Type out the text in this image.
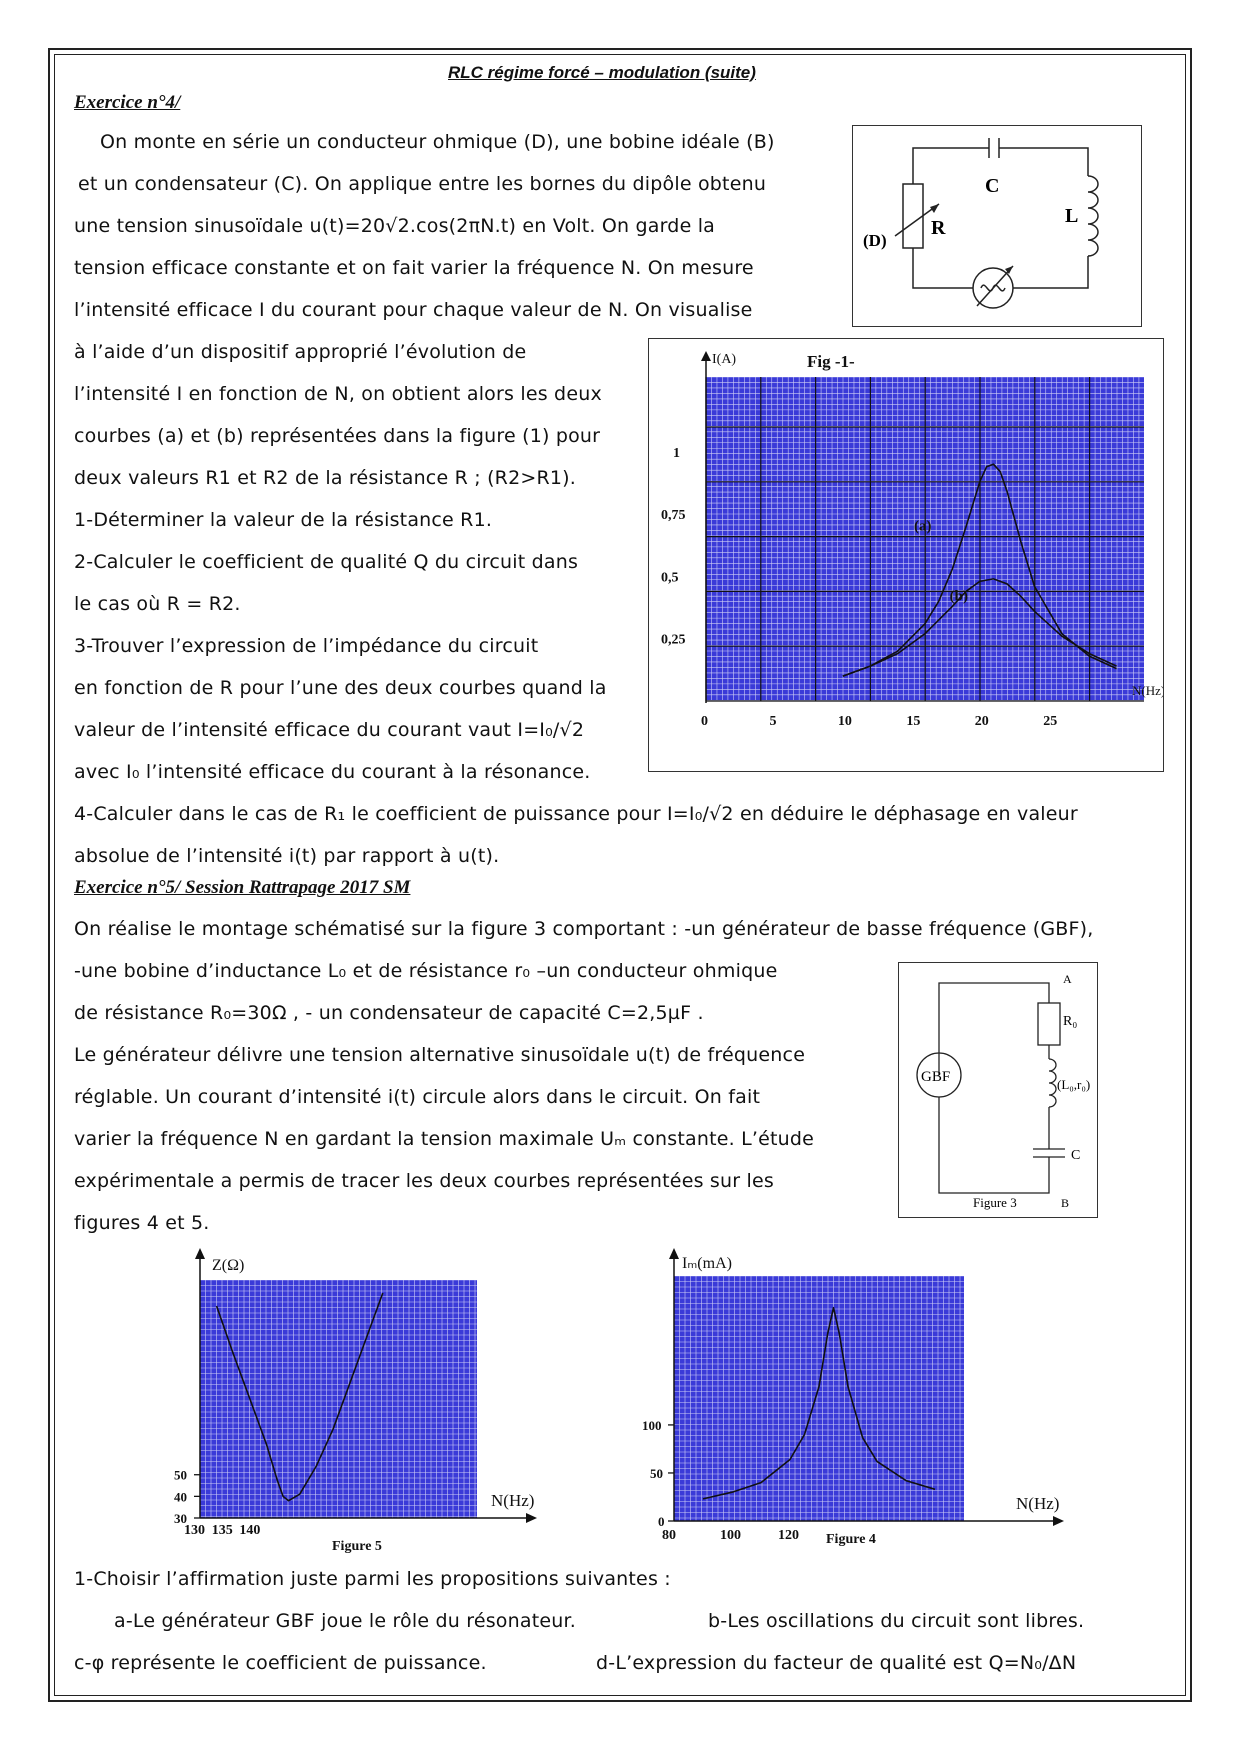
RLC régime forcé – modulation (suite)
Exercice n°4/
On monte en série un conducteur ohmique (D), une bobine idéale (B)
et un condensateur (C). On applique entre les bornes du dipôle obtenu
une tension sinusoïdale u(t)=20√2.cos(2πN.t) en Volt. On garde la
tension efficace constante et on fait varier la fréquence N. On mesure
l’intensité efficace I du courant pour chaque valeur de N. On visualise
à l’aide d’un dispositif approprié l’évolution de
l’intensité I en fonction de N, on obtient alors les deux
courbes (a) et (b) représentées dans la figure (1) pour
deux valeurs R1 et R2 de la résistance R ; (R2>R1).
1-Déterminer la valeur de la résistance R1.
2-Calculer le coefficient de qualité Q du circuit dans
le cas où R = R2.
3-Trouver l’expression de l’impédance du circuit
en fonction de R pour l’une des deux courbes quand la
valeur de l’intensité efficace du courant vaut I=I₀/√2
avec I₀ l’intensité efficace du courant à la résonance.
4-Calculer dans le cas de R₁ le coefficient de puissance pour I=I₀/√2 en déduire le déphasage en valeur
absolue de l’intensité i(t) par rapport à u(t).
C
L
R
(D)
I(A)
N(Hz)
Fig -1-
0	5	10	15	20	25
0,25
0,5
0,75
1
(a)
(b)
Exercice n°5/ Session Rattrapage 2017 SM
On réalise le montage schématisé sur la figure 3 comportant : -un générateur de basse fréquence (GBF),
-une bobine d’inductance L₀ et de résistance r₀ –un conducteur ohmique
de résistance R₀=30Ω , - un condensateur de capacité C=2,5µF .
Le générateur délivre une tension alternative sinusoïdale u(t) de fréquence
réglable. Un courant d’intensité i(t) circule alors dans le circuit. On fait
varier la fréquence N en gardant la tension maximale Uₘ constante. L’étude
expérimentale a permis de tracer les deux courbes représentées sur les
figures 4 et 5.
GBF
A
R₀
(L₀,r₀)
C
B
Figure 3
Z(Ω)
N(Hz)
130 135 140
30
40
50
Figure 5
Iₘ(mA)
N(Hz)
80	100	120
0
50
100
Figure 4
1-Choisir l’affirmation juste parmi les propositions suivantes :
a-Le générateur GBF joue le rôle du résonateur.	b-Les oscillations du circuit sont libres.
c-φ représente le coefficient de puissance.	d-L’expression du facteur de qualité est Q=N₀/ΔN
